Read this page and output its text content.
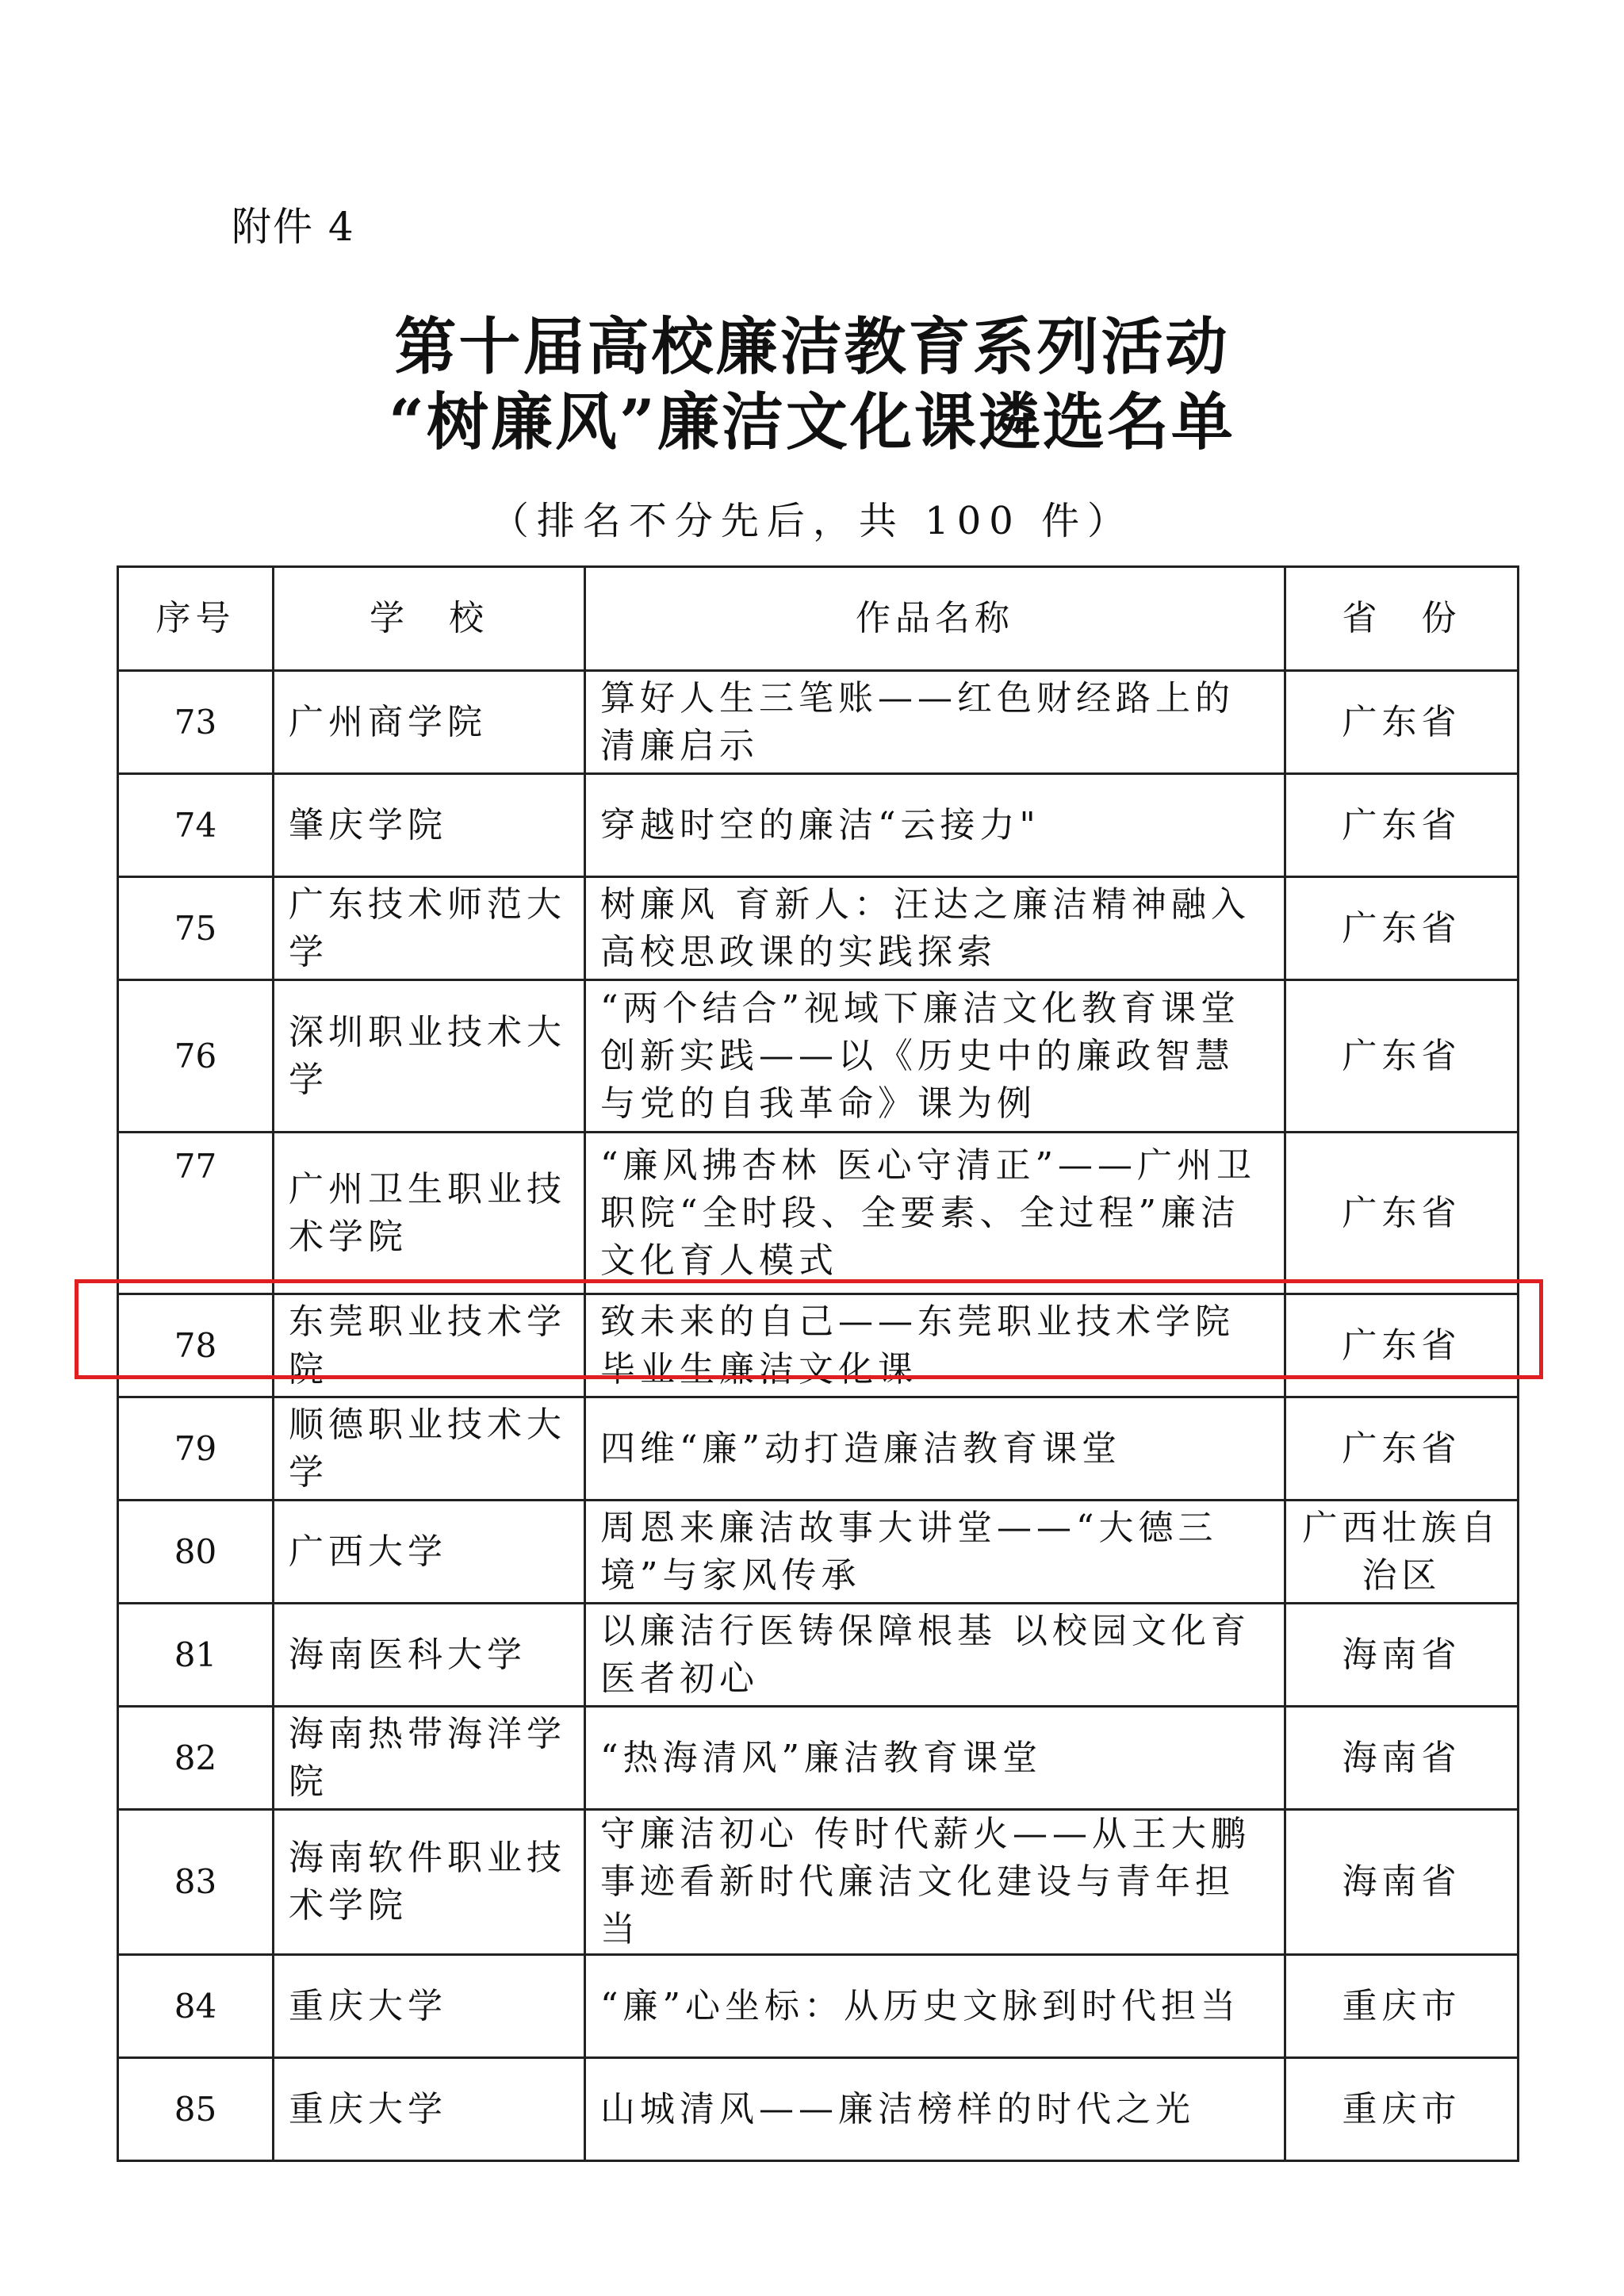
附件 4
第十届高校廉洁教育系列活动
“树廉风”廉洁文化课遴选名单
（排名不分先后，共 100 件）
序号	学　校	作品名称	省　份
73	广州商学院	算好人生三笔账——红色财经路上的清廉启示	广东省
74	肇庆学院	穿越时空的廉洁“云接力"	广东省
75	广东技术师范大学	树廉风 育新人：汪达之廉洁精神融入高校思政课的实践探索	广东省
76	深圳职业技术大学	“两个结合”视域下廉洁文化教育课堂创新实践——以《历史中的廉政智慧与党的自我革命》课为例	广东省
77	广州卫生职业技术学院	“廉风拂杏林 医心守清正”——广州卫职院“全时段、全要素、全过程”廉洁文化育人模式	广东省
78	东莞职业技术学院	致未来的自己——东莞职业技术学院毕业生廉洁文化课	广东省
79	顺德职业技术大学	四维“廉”动打造廉洁教育课堂	广东省
80	广西大学	周恩来廉洁故事大讲堂——“大德三境”与家风传承	广西壮族自治区
81	海南医科大学	以廉洁行医铸保障根基 以校园文化育医者初心	海南省
82	海南热带海洋学院	“热海清风”廉洁教育课堂	海南省
83	海南软件职业技术学院	守廉洁初心 传时代薪火——从王大鹏事迹看新时代廉洁文化建设与青年担当	海南省
84	重庆大学	“廉”心坐标：从历史文脉到时代担当	重庆市
85	重庆大学	山城清风——廉洁榜样的时代之光	重庆市
